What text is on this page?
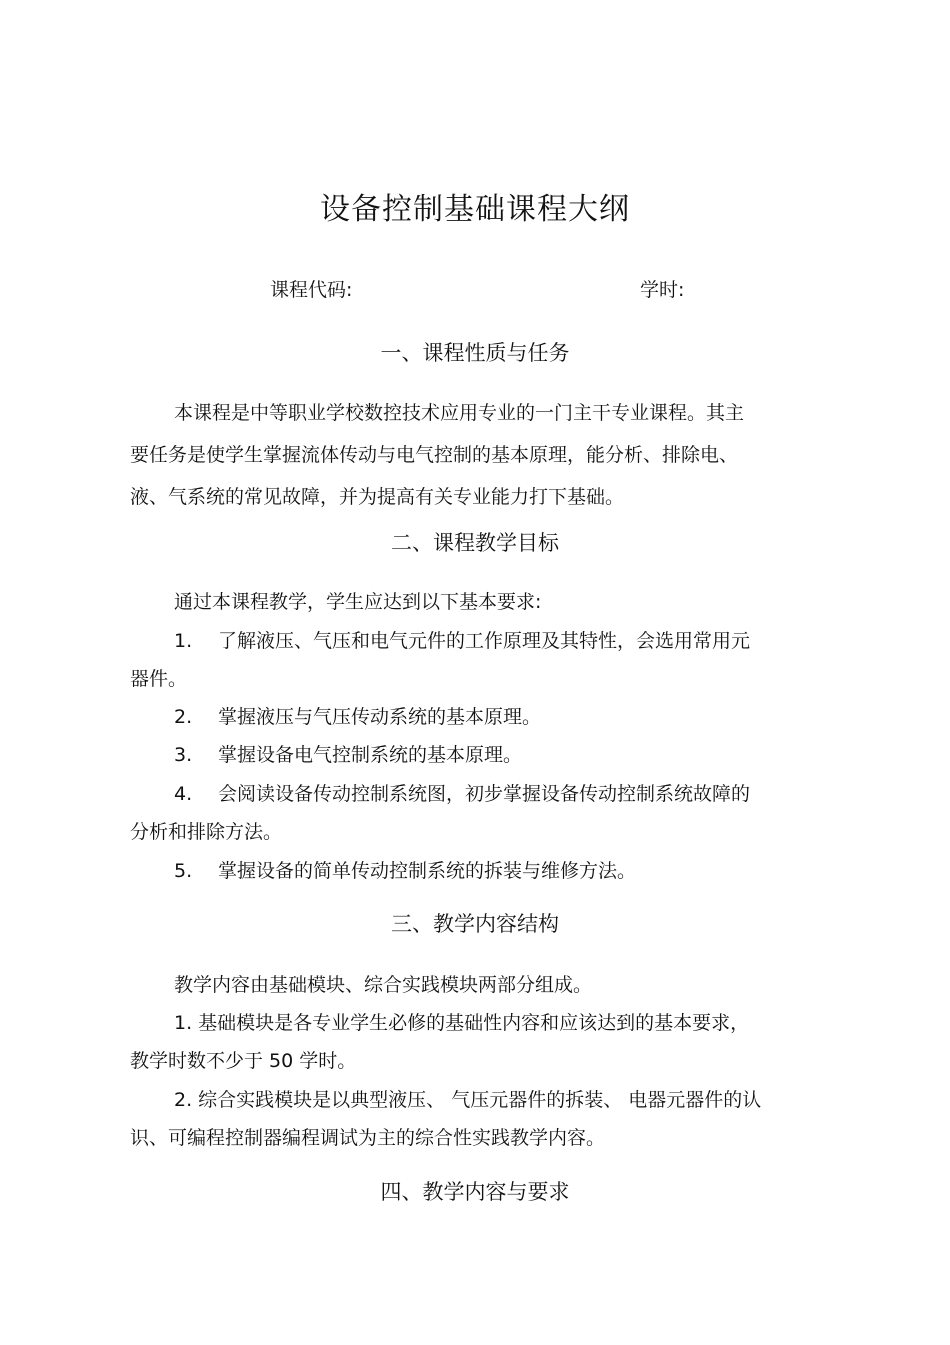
设备控制基础课程大纲
课程代码:	学时:
一、课程性质与任务
本课程是中等职业学校数控技术应用专业的一门主干专业课程。其主
要任务是使学生掌握流体传动与电气控制的基本原理，能分析、排除电、
液、气系统的常见故障，并为提高有关专业能力打下基础。
二、课程教学目标
通过本课程教学，学生应达到以下基本要求:
1. 了解液压、气压和电气元件的工作原理及其特性，会选用常用元
器件。
2. 掌握液压与气压传动系统的基本原理。
3. 掌握设备电气控制系统的基本原理。
4. 会阅读设备传动控制系统图，初步掌握设备传动控制系统故障的
分析和排除方法。
5. 掌握设备的简单传动控制系统的拆装与维修方法。
三、教学内容结构
教学内容由基础模块、综合实践模块两部分组成。
1. 基础模块是各专业学生必修的基础性内容和应该达到的基本要求，
教学时数不少于 50 学时。
2. 综合实践模块是以典型液压、 气压元器件的拆装、 电器元器件的认
识、可编程控制器编程调试为主的综合性实践教学内容。
四、教学内容与要求
